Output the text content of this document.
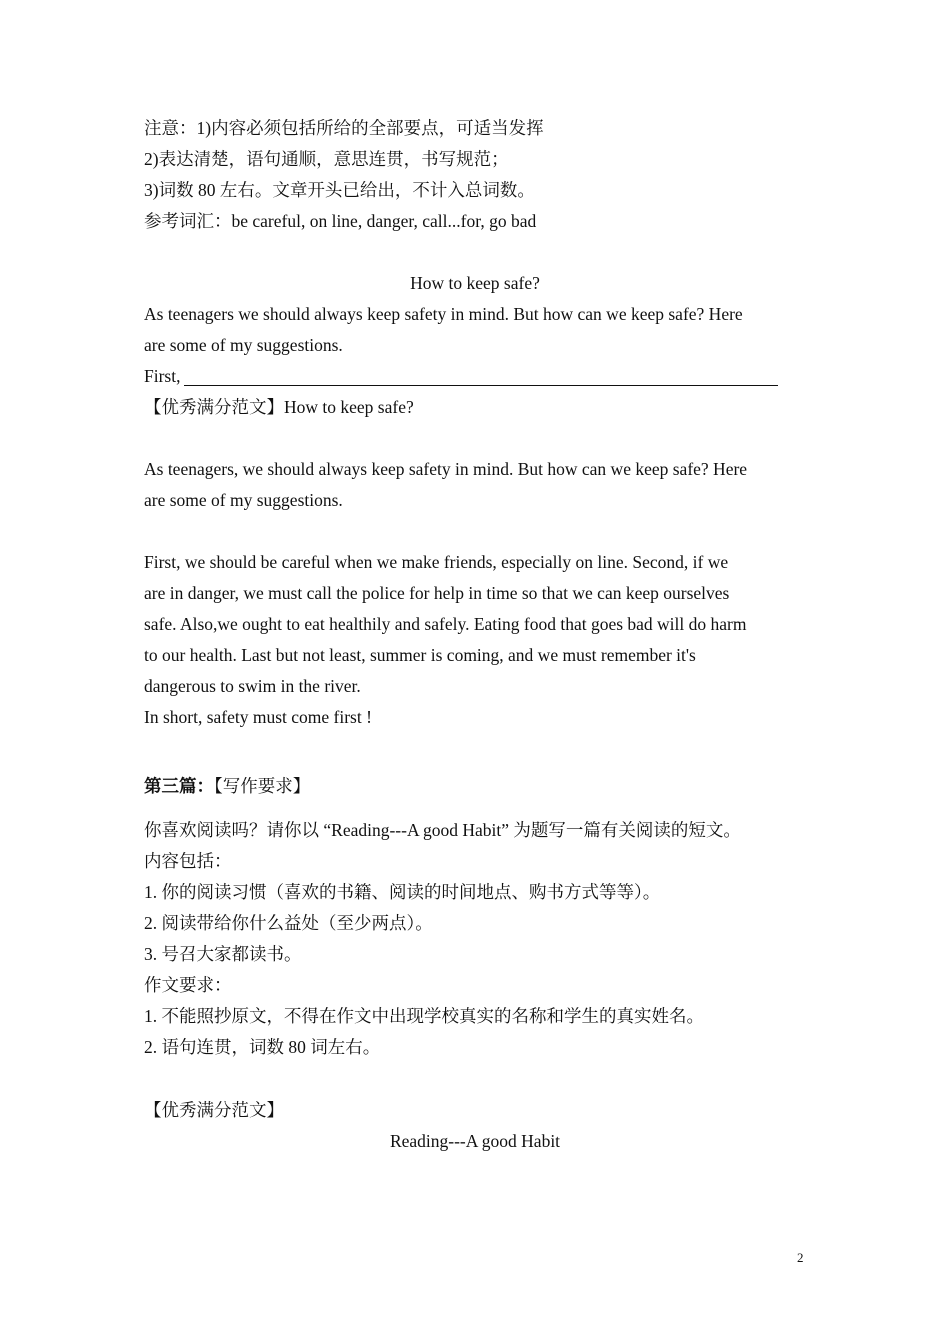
注意：1)内容必须包括所给的全部要点，可适当发挥
2)表达清楚，语句通顺，意思连贯，书写规范；
3)词数 80 左右。文章开头已给出，不计入总词数。
参考词汇：be careful, on line, danger, call...for, go bad
How to keep safe?
As teenagers we should always keep safety in mind. But how can we keep safe? Here
are some of my suggestions.
First,
【优秀满分范文】How to keep safe?
As teenagers, we should always keep safety in mind. But how can we keep safe? Here
are some of my suggestions.
First, we should be careful when we make friends, especially on line. Second, if we
are in danger, we must call the police for help in time so that we can keep ourselves
safe. Also,we ought to eat healthily and safely. Eating food that goes bad will do harm
to our health. Last but not least, summer is coming, and we must remember it's
dangerous to swim in the river.
In short, safety must come first !
第三篇：【写作要求】
你喜欢阅读吗？请你以 “Reading---A good Habit” 为题写一篇有关阅读的短文。
内容包括：
1. 你的阅读习惯（喜欢的书籍、阅读的时间地点、购书方式等等）。
2. 阅读带给你什么益处（至少两点）。
3. 号召大家都读书。
作文要求：
1. 不能照抄原文，不得在作文中出现学校真实的名称和学生的真实姓名。
2. 语句连贯，词数 80 词左右。
【优秀满分范文】
Reading---A good Habit
2
